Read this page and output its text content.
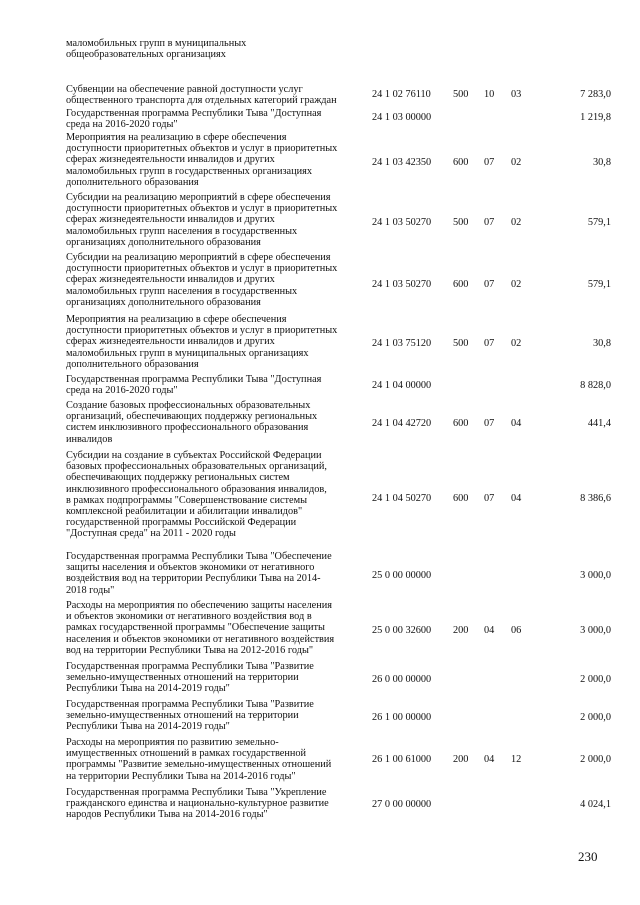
маломобильных групп в муниципальных
общеобразовательных организациях
Субвенции на обеспечение равной доступности услуг
общественного транспорта для отдельных категорий граждан
24 1 02 76110 500 10 03	7 283,0
Государственная программа Республики Тыва "Доступная
среда на 2016-2020 годы"
24 1 03 00000	1 219,8
Мероприятия на реализацию в сфере обеспечения
доступности приоритетных объектов и услуг в приоритетных
сферах жизнедеятельности инвалидов и других
маломобильных групп в государственных организациях
дополнительного образования
24 1 03 42350 600 07 02	30,8
Субсидии на реализацию мероприятий в сфере обеспечения
доступности приоритетных объектов и услуг в приоритетных
сферах жизнедеятельности инвалидов и других
маломобильных групп населения в государственных
организациях дополнительного образования
24 1 03 50270 500 07 02	579,1
Субсидии на реализацию мероприятий в сфере обеспечения
доступности приоритетных объектов и услуг в приоритетных
сферах жизнедеятельности инвалидов и других
маломобильных групп населения в государственных
организациях дополнительного образования
24 1 03 50270 600 07 02	579,1
Мероприятия на реализацию в сфере обеспечения
доступности приоритетных объектов и услуг в приоритетных
сферах жизнедеятельности инвалидов и других
маломобильных групп в муниципальных организациях
дополнительного образования
24 1 03 75120 500 07 02	30,8
Государственная программа Республики Тыва "Доступная
среда на 2016-2020 годы"	24 1 04 00000	8 828,0
Создание базовых профессиональных образовательных
организаций, обеспечивающих поддержку региональных
систем инклюзивного профессионального образования
инвалидов
24 1 04 42720 600 07 04	441,4
Субсидии на создание в субъектах Российской Федерации
базовых профессиональных образовательных организаций,
обеспечивающих поддержку региональных систем
инклюзивного профессионального образования инвалидов,
в рамках подпрограммы "Совершенствование системы
комплексной реабилитации и абилитации инвалидов"
государственной программы Российской Федерации
"Доступная среда" на 2011 - 2020 годы
24 1 04 50270 600 07 04	8 386,6
Государственная программа Республики Тыва "Обеспечение
защиты населения и объектов экономики от негативного
воздействия вод на территории Республики Тыва на 2014-
2018 годы"
25 0 00 00000	3 000,0
Расходы на мероприятия по обеспечению защиты населения
и объектов экономики от негативного воздействия вод в
рамках государственной программы "Обеспечение защиты
населения и объектов экономики от негативного воздействия
вод на территории Республики Тыва на 2012-2016 годы"
25 0 00 32600 200 04 06	3 000,0
Государственная программа Республики Тыва "Развитие
земельно-имущественных отношений на территории
Республики Тыва на 2014-2019 годы"
26 0 00 00000	2 000,0
Государственная программа Республики Тыва "Развитие
земельно-имущественных отношений на территории
Республики Тыва на 2014-2019 годы"
26 1 00 00000	2 000,0
Расходы на мероприятия по развитию земельно-
имущественных отношений в рамках государственной
программы "Развитие земельно-имущественных отношений
на территории Республики Тыва на 2014-2016 годы"
26 1 00 61000 200 04 12	2 000,0
Государственная программа Республики Тыва "Укрепление
гражданского единства и национально-культурное развитие
народов Республики Тыва на 2014-2016 годы"
27 0 00 00000	4 024,1
230
